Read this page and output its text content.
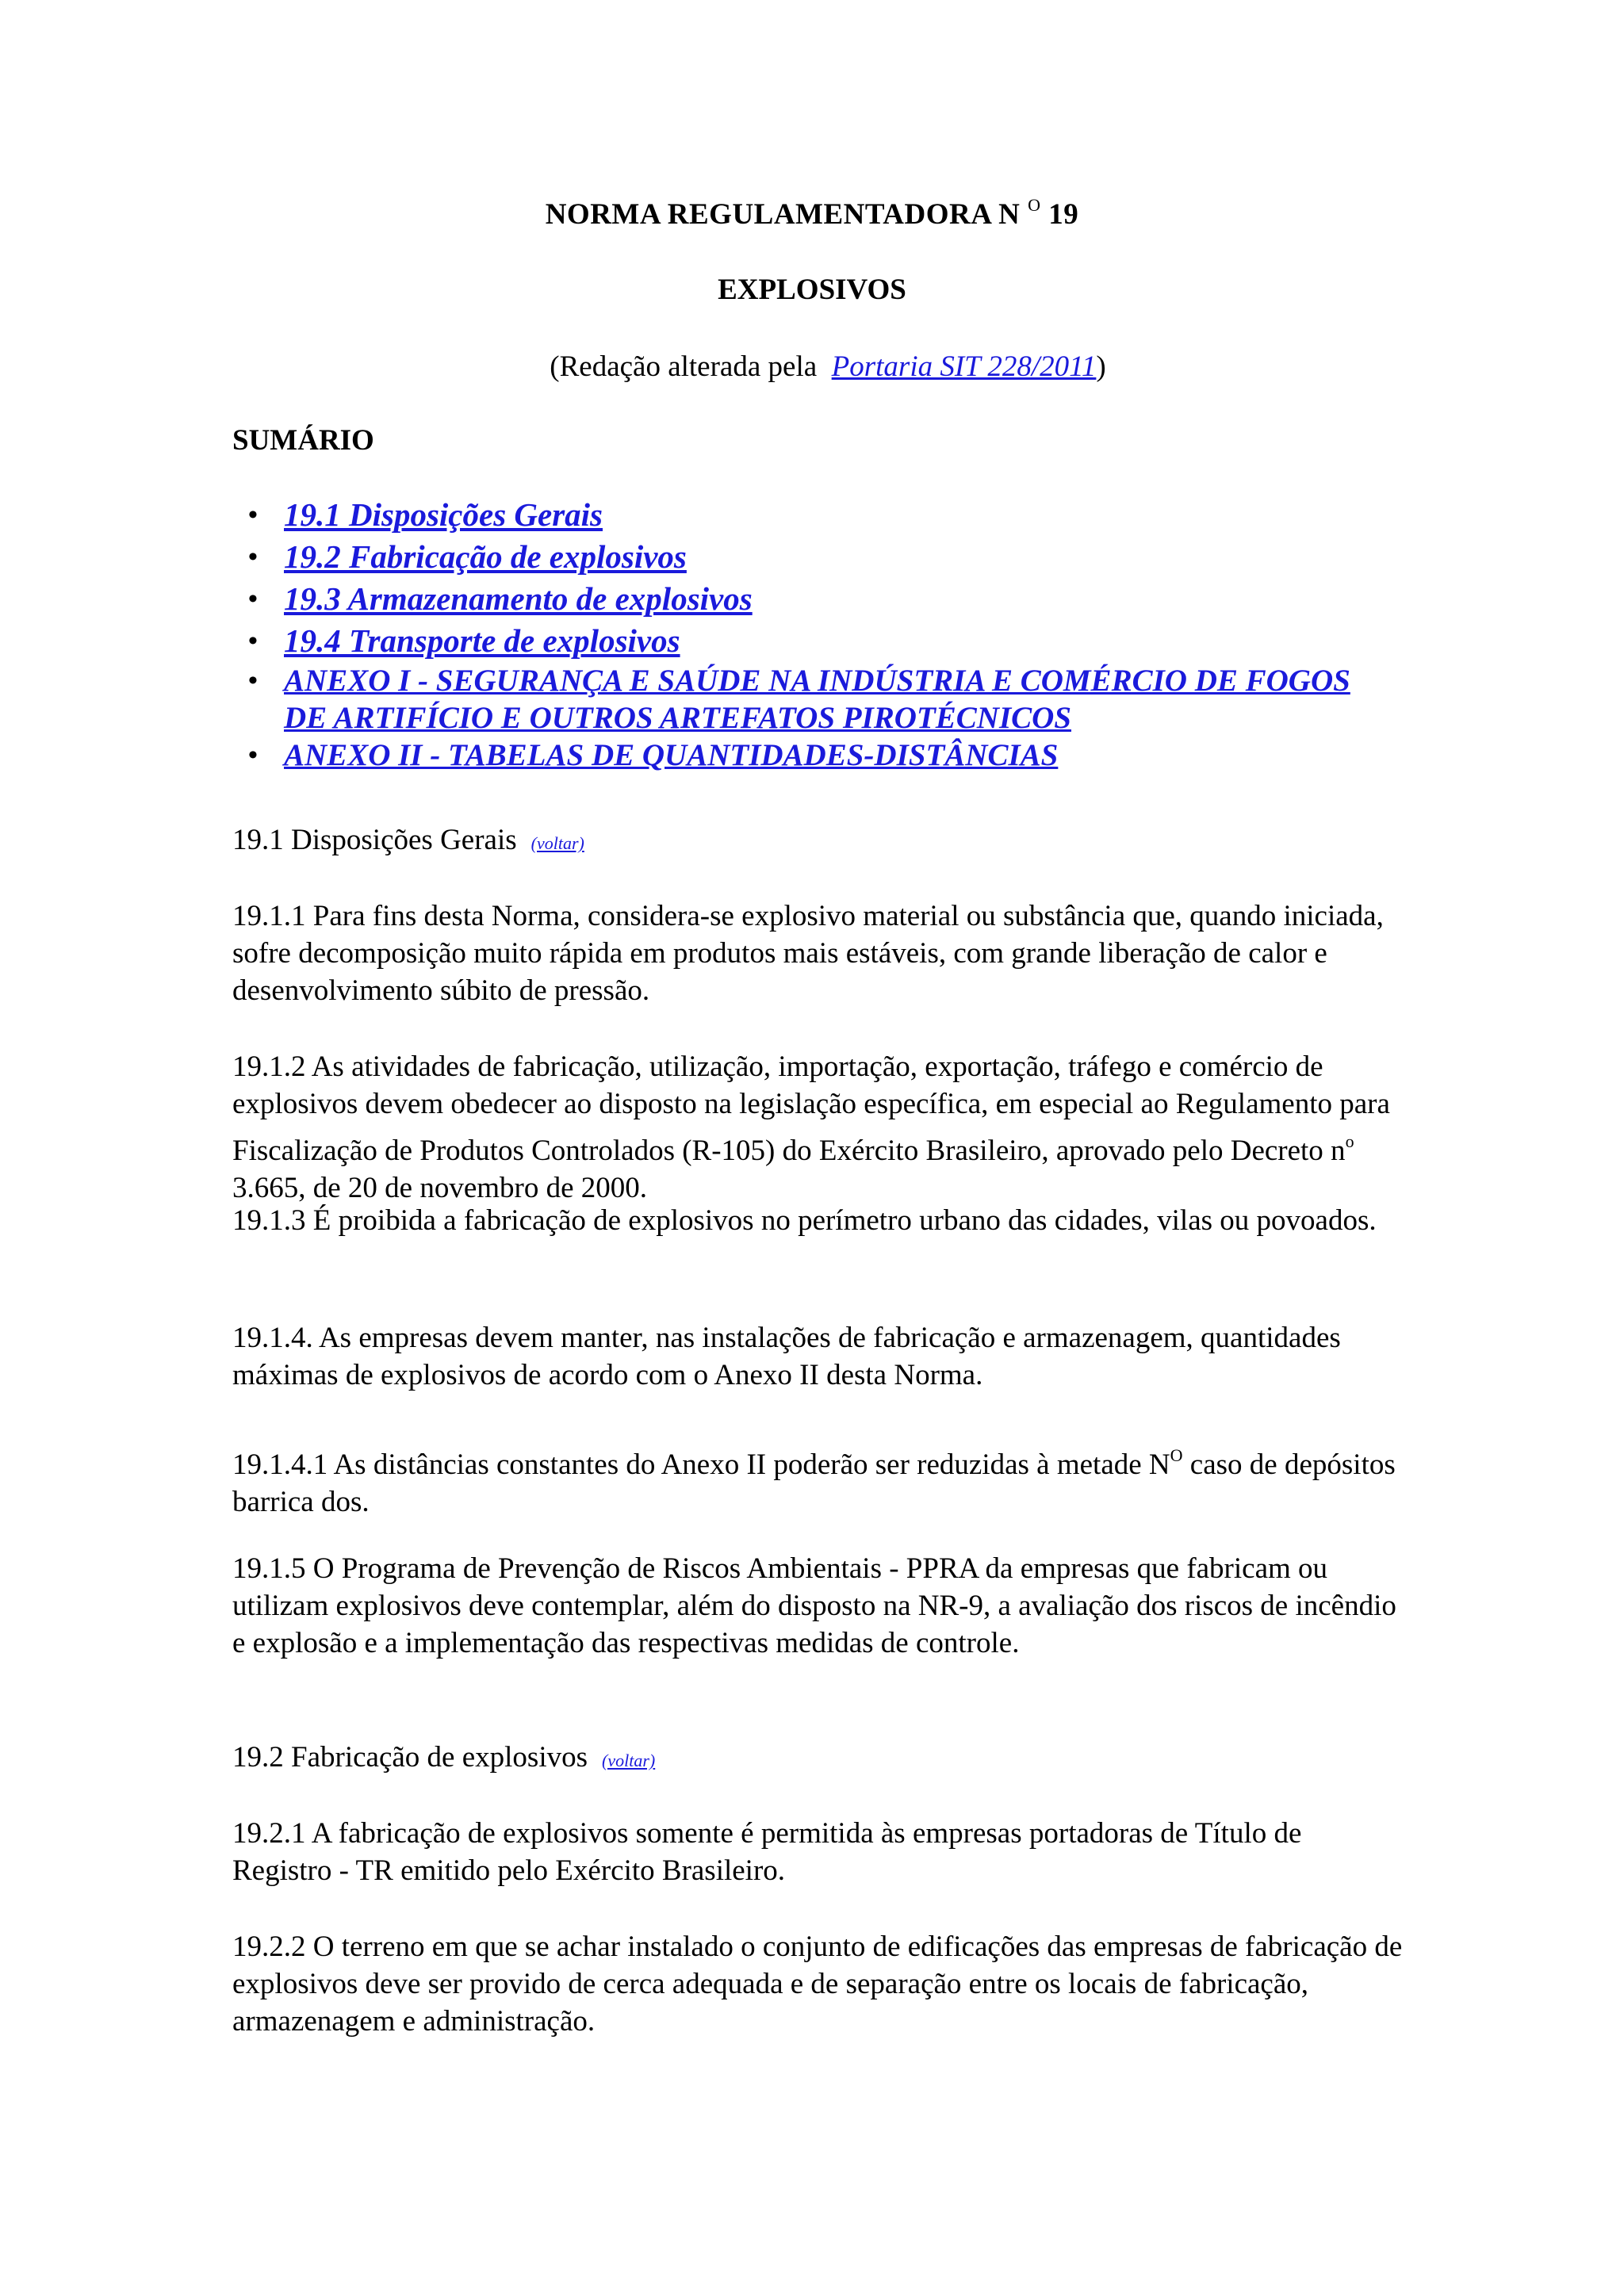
NORMA REGULAMENTADORA N $^O$ 19
EXPLOSIVOS
(Redação alterada pela Portaria SIT 228/2011)
SUMÁRIO
• 19.1 Disposições Gerais
• 19.2 Fabricação de explosivos
• 19.3 Armazenamento de explosivos
• 19.4 Transporte de explosivos
• ANEXO I - SEGURANÇA E SAÚDE NA INDÚSTRIA E COMÉRCIO DE FOGOS DE ARTIFÍCIO E OUTROS ARTEFATOS PIROTÉCNICOS
• ANEXO II - TABELAS DE QUANTIDADES-DISTÂNCIAS
19.1 Disposições Gerais (voltar)

19.1.1 Para fins desta Norma, considera-se explosivo material ou substância que, quando iniciada, sofre decomposição muito rápida em produtos mais estáveis, com grande liberação de calor e desenvolvimento súbito de pressão.

19.1.2 As atividades de fabricação, utilização, importação, exportação, tráfego e comércio de explosivos devem obedecer ao disposto na legislação específica, em especial ao Regulamento para Fiscalização de Produtos Controlados (R-105) do Exército Brasileiro, aprovado pelo Decreto $n^o$ 3.665, de 20 de novembro de 2000.

19.1.3 É proibida a fabricação de explosivos no perímetro urbano das cidades, vilas ou povoados.

19.1.4. As empresas devem manter, nas instalações de fabricação e armazenagem, quantidades máximas de explosivos de acordo com o Anexo II desta Norma.

19.1.4.1 As distâncias constantes do Anexo II poderão ser reduzidas à metade $N^O$ caso de depósitos barrica dos.

19.1.5 O Programa de Prevenção de Riscos Ambientais - PPRA da empresas que fabricam ou utilizam explosivos deve contemplar, além do disposto na NR-9, a avaliação dos riscos de incêndio e explosão e a implementação das respectivas medidas de controle.

19.2 Fabricação de explosivos (voltar)

19.2.1 A fabricação de explosivos somente é permitida às empresas portadoras de Título de Registro - TR emitido pelo Exército Brasileiro.

19.2.2 O terreno em que se achar instalado o conjunto de edificações das empresas de fabricação de explosivos deve ser provido de cerca adequada e de separação entre os locais de fabricação, armazenagem e administração.
